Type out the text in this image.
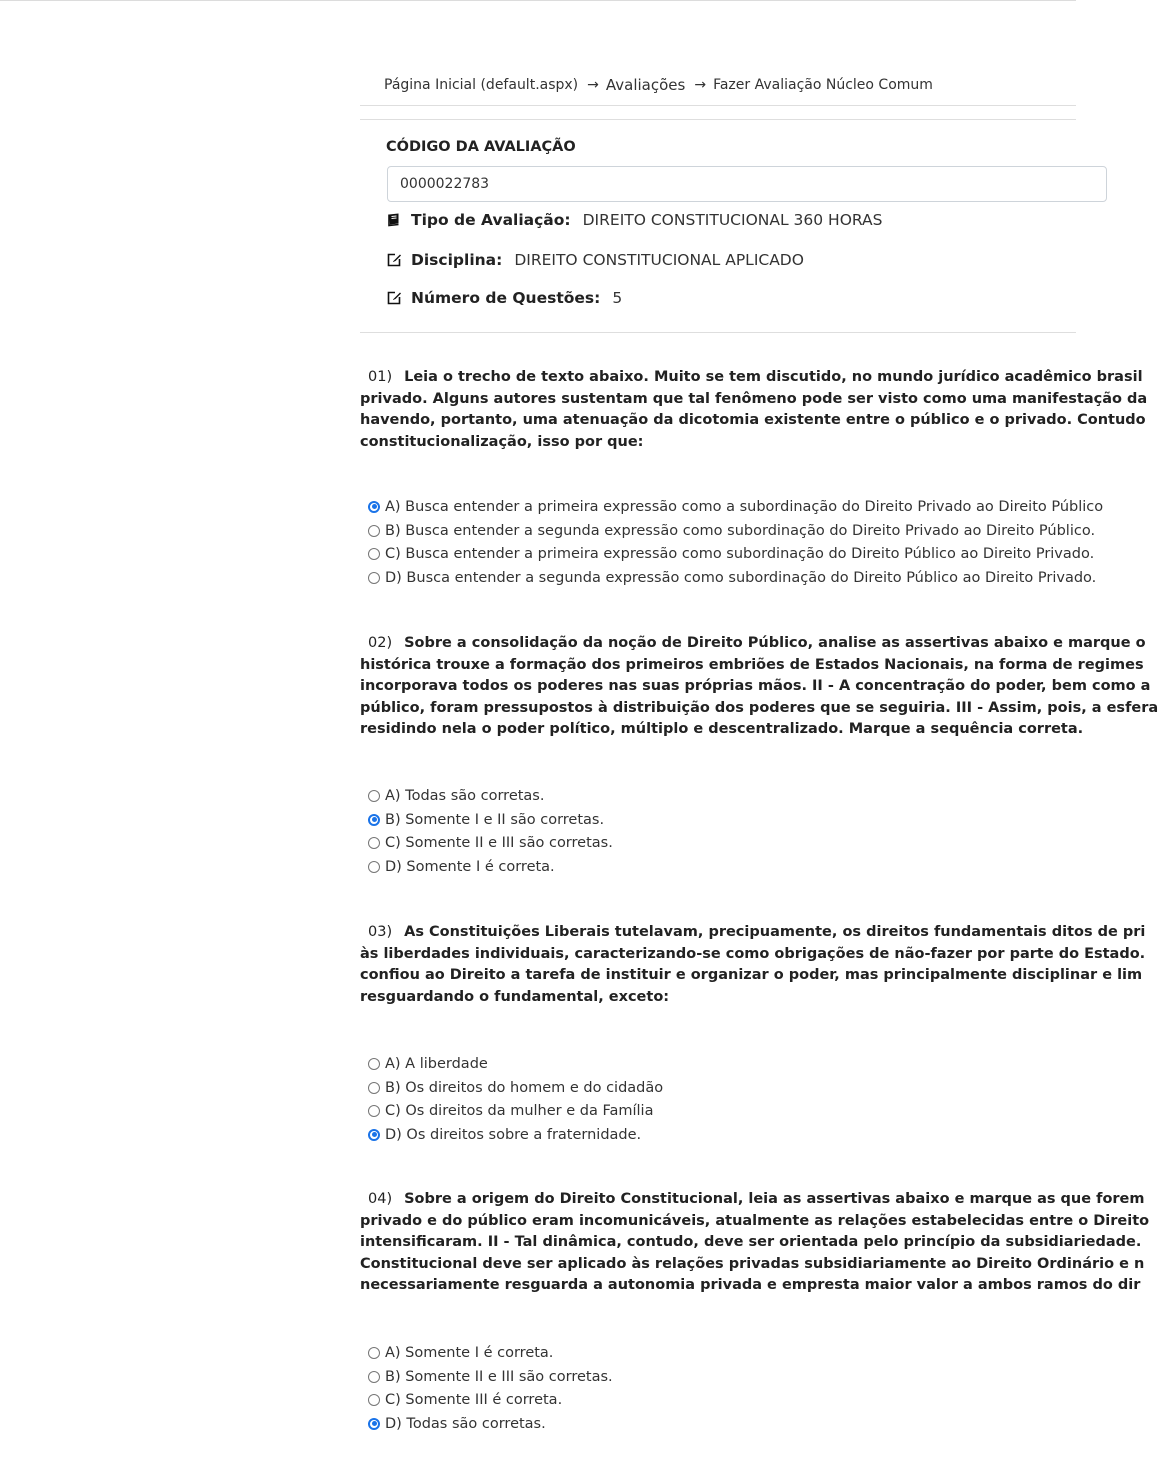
Página Inicial (default.aspx) → Avaliações → Fazer Avaliação Núcleo Comum
CÓDIGO DA AVALIAÇÃO
0000022783
Tipo de Avaliação: DIREITO CONSTITUCIONAL 360 HORAS
Disciplina: DIREITO CONSTITUCIONAL APLICADO
Número de Questões: 5
01) Leia o trecho de texto abaixo. Muito se tem discutido, no mundo jurídico acadêmico brasil
privado. Alguns autores sustentam que tal fenômeno pode ser visto como uma manifestação da
havendo, portanto, uma atenuação da dicotomia existente entre o público e o privado. Contudo
constitucionalização, isso por que:
A) Busca entender a primeira expressão como a subordinação do Direito Privado ao Direito Público
B) Busca entender a segunda expressão como subordinação do Direito Privado ao Direito Público.
C) Busca entender a primeira expressão como subordinação do Direito Público ao Direito Privado.
D) Busca entender a segunda expressão como subordinação do Direito Público ao Direito Privado.
02) Sobre a consolidação da noção de Direito Público, analise as assertivas abaixo e marque o
histórica trouxe a formação dos primeiros embriões de Estados Nacionais, na forma de regimes
incorporava todos os poderes nas suas próprias mãos. II - A concentração do poder, bem como a
público, foram pressupostos à distribuição dos poderes que se seguiria. III - Assim, pois, a esfera
residindo nela o poder político, múltiplo e descentralizado. Marque a sequência correta.
A) Todas são corretas.
B) Somente I e II são corretas.
C) Somente II e III são corretas.
D) Somente I é correta.
03) As Constituições Liberais tutelavam, precipuamente, os direitos fundamentais ditos de pri
às liberdades individuais, caracterizando-se como obrigações de não-fazer por parte do Estado.
confiou ao Direito a tarefa de instituir e organizar o poder, mas principalmente disciplinar e lim
resguardando o fundamental, exceto:
A) A liberdade
B) Os direitos do homem e do cidadão
C) Os direitos da mulher e da Família
D) Os direitos sobre a fraternidade.
04) Sobre a origem do Direito Constitucional, leia as assertivas abaixo e marque as que forem
privado e do público eram incomunicáveis, atualmente as relações estabelecidas entre o Direito
intensificaram. II - Tal dinâmica, contudo, deve ser orientada pelo princípio da subsidiariedade.
Constitucional deve ser aplicado às relações privadas subsidiariamente ao Direito Ordinário e n
necessariamente resguarda a autonomia privada e empresta maior valor a ambos ramos do dir
A) Somente I é correta.
B) Somente II e III são corretas.
C) Somente III é correta.
D) Todas são corretas.
